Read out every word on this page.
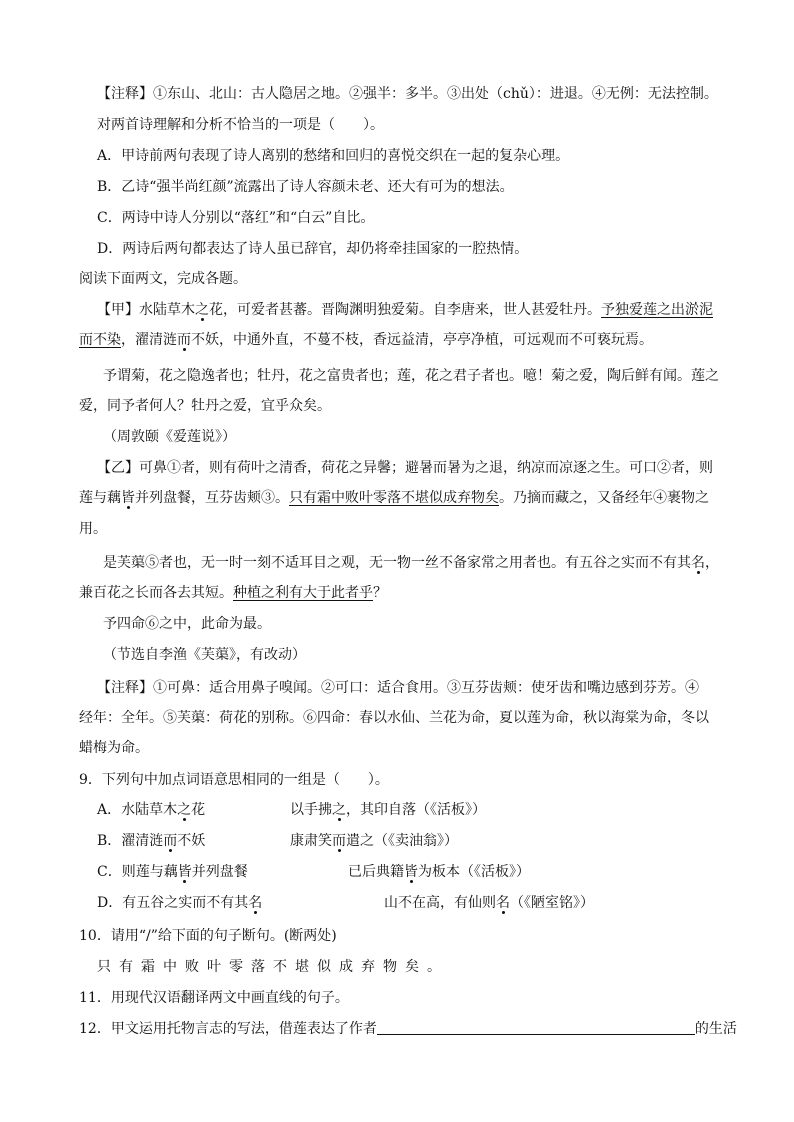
【注释】①东山、北山：古人隐居之地。②强半：多半。③出处（chǔ）：进退。④无例：无法控制。
对两首诗理解和分析不恰当的一项是（　　）。
A．甲诗前两句表现了诗人离别的愁绪和回归的喜悦交织在一起的复杂心理。
B．乙诗“强半尚红颜”流露出了诗人容颜未老、还大有可为的想法。
C．两诗中诗人分别以“落红”和“白云”自比。
D．两诗后两句都表达了诗人虽已辞官，却仍将牵挂国家的一腔热情。
阅读下面两文，完成各题。
【甲】水陆草木之花，可爱者甚蕃。晋陶渊明独爱菊。自李唐来，世人甚爱牡丹。予独爱莲之出淤泥
而不染，濯清涟而不妖，中通外直，不蔓不枝，香远益清，亭亭净植，可远观而不可亵玩焉。
予谓菊，花之隐逸者也；牡丹，花之富贵者也；莲，花之君子者也。噫！菊之爱，陶后鲜有闻。莲之
爱，同予者何人？牡丹之爱，宜乎众矣。
（周敦颐《爱莲说》）
【乙】可鼻①者，则有荷叶之清香，荷花之异馨；避暑而暑为之退，纳凉而凉逐之生。可口②者，则
莲与藕皆并列盘餐，互芬齿颊③。只有霜中败叶零落不堪似成弃物矣。乃摘而藏之，又备经年④裹物之
用。
是芙蕖⑤者也，无一时一刻不适耳目之观，无一物一丝不备家常之用者也。有五谷之实而不有其名，
兼百花之长而各去其短。种植之利有大于此者乎？
予四命⑥之中，此命为最。
（节选自李渔《芙蕖》，有改动）
【注释】①可鼻：适合用鼻子嗅闻。②可口：适合食用。③互芬齿颊：使牙齿和嘴边感到芬芳。④
经年：全年。⑤芙蕖：荷花的别称。⑥四命：春以水仙、兰花为命，夏以莲为命，秋以海棠为命，冬以
蜡梅为命。
9．下列句中加点词语意思相同的一组是（　　）。
A．水陆草木之花	以手拂之，其印自落（《活板》）
B．濯清涟而不妖	康肃笑而遣之（《卖油翁》）
C．则莲与藕皆并列盘餐	已后典籍皆为板本（《活板》）
D．有五谷之实而不有其名	山不在高，有仙则名（《陋室铭》）
10．请用“/”给下面的句子断句。(断两处)
只有霜中败叶零落不堪似成弃物矣。
11．用现代汉语翻译两文中画直线的句子。
12．甲文运用托物言志的写法，借莲表达了作者	的生活
